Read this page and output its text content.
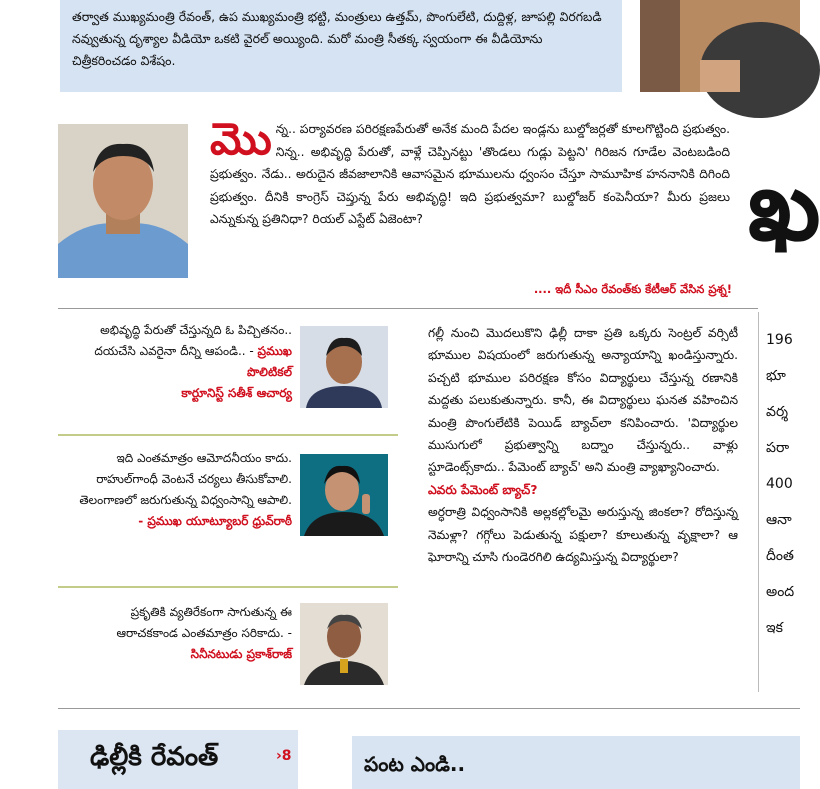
తర్వాత ముఖ్యమంత్రి రేవంత్, ఉప ముఖ్యమంత్రి భట్టి, మంత్రులు ఉత్తమ్, పొంగులేటి, దుద్దిళ్ల, జూపల్లి విరగబడి నవ్వుతున్న దృశ్యాల వీడియో ఒకటి వైరల్ అయ్యింది. మరో మంత్రి సీతక్క స్వయంగా ఈ వీడియోను చిత్రీకరించడం విశేషం.

మొన్న.. పర్యావరణ పరిరక్షణపేరుతో అనేక మంది పేదల ఇండ్లను బుల్డోజర్లతో కూలగొట్టింది ప్రభుత్వం. నిన్న.. అభివృద్ధి పేరుతో, వాళ్లే చెప్పినట్టు 'తొండలు గుడ్లు పెట్టని' గిరిజన గూడేల వెంటబడింది ప్రభుత్వం. నేడు.. అరుదైన జీవజాలానికి ఆవాసమైన భూములను ధ్వంసం చేస్తూ సామూహిక హననానికి దిగింది ప్రభుత్వం. దీనికి కాంగ్రెస్ చెప్తున్న పేరు అభివృద్ధి! ఇది ప్రభుత్వమా? బుల్డోజర్ కంపెనీయా? మీరు ప్రజలు ఎన్నుకున్న ప్రతినిధా? రియల్ ఎస్టేట్ ఏజెంటా?
.... ఇదీ సీఎం రేవంత్‌కు కేటీఆర్ వేసిన ప్రశ్న!
ఖ
అభివృద్ధి పేరుతో చేస్తున్నది ఓ పిచ్చితనం.. దయచేసి ఎవరైనా దీన్ని ఆపండి.. - ప్రముఖ పొలిటికల్
కార్టూనిస్ట్ సతీశ్ ఆచార్య
ఇది ఎంతమాత్రం ఆమోదనీయం కాదు. రాహుల్‌గాంధీ వెంటనే చర్యలు తీసుకోవాలి. తెలంగాణలో జరుగుతున్న విధ్వంసాన్ని ఆపాలి.
- ప్రముఖ యూట్యూబర్ ధ్రువ్‌రాఠీ
ప్రకృతికి వ్యతిరేకంగా సాగుతున్న ఈ ఆరాచకకాండ ఎంతమాత్రం సరికాదు. - సినీనటుడు ప్రకాశ్‌రాజ్

గల్లీ నుంచి మొదలుకొని ఢిల్లీ దాకా ప్రతి ఒక్కరు సెంట్రల్ వర్సిటీ భూముల విషయంలో జరుగుతున్న అన్యాయాన్ని ఖండిస్తున్నారు. పచ్చటి భూముల పరిరక్షణ కోసం విద్యార్థులు చేస్తున్న రణానికి మద్దతు పలుకుతున్నారు. కానీ, ఈ విద్యార్థులు ఘనత వహించిన మంత్రి పొంగులేటికి పెయిడ్ బ్యాచ్‌లా కనిపించారు. 'విద్యార్థుల ముసుగులో ప్రభుత్వాన్ని బద్నాం చేస్తున్నరు.. వాళ్లు స్టూడెంట్స్‌కాదు.. పేమెంట్ బ్యాచ్' అని మంత్రి వ్యాఖ్యానించారు.

ఎవరు పేమెంట్ బ్యాచ్?

అర్ధరాత్రి విధ్వంసానికి అల్లకల్లోలమై అరుస్తున్న జింకలా? రోదిస్తున్న నెమళ్లా? గగ్గోలు పెడుతున్న పక్షులా? కూలుతున్న వృక్షాలా? ఆ ఘోరాన్ని చూసి గుండెరగిలి ఉద్యమిస్తున్న విద్యార్థులా?

196
భూ
వర్శ
పరా
400
ఆనా
దీంత
అంద
ఇక
ఢిల్లీకి రేవంత్	›8	పంట ఎండి..
